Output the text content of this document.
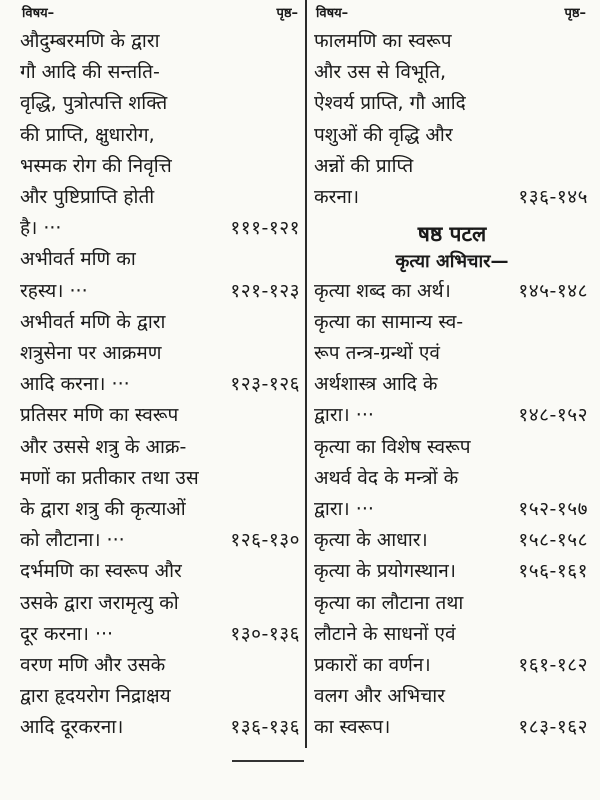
विषय–	पृष्ठ–
औदुम्बरमणि के द्वारा
गौ आदि की सन्तति-
वृद्धि, पुत्रोत्पत्ति शक्ति
की प्राप्ति, क्षुधारोग,
भस्मक रोग की निवृत्ति
और पुष्टिप्राप्ति होती
है। ···	१११-१२१
अभीवर्त मणि का
रहस्य। ···	१२१-१२३
अभीवर्त मणि के द्वारा
शत्रुसेना पर आक्रमण
आदि करना। ···	१२३-१२६
प्रतिसर मणि का स्वरूप
और उससे शत्रु के आक्र-
मणों का प्रतीकार तथा उस
के द्वारा शत्रु की कृत्याओं
को लौटाना। ···	१२६-१३०
दर्भमणि का स्वरूप और
उसके द्वारा जरामृत्यु को
दूर करना। ···	१३०-१३६
वरण मणि और उसके
द्वारा हृदयरोग निद्राक्षय
आदि दूरकरना।	१३६-१३६
विषय–	पृष्ठ–
फालमणि का स्वरूप
और उस से विभूति,
ऐश्वर्य प्राप्ति, गौ आदि
पशुओं की वृद्धि और
अन्नों की प्राप्ति
करना।	१३६-१४५
षष्ठ पटल
कृत्या अभिचार—
कृत्या शब्द का अर्थ।	१४५-१४८
कृत्या का सामान्य स्व-
रूप तन्त्र-ग्रन्थों एवं
अर्थशास्त्र आदि के
द्वारा। ···	१४८-१५२
कृत्या का विशेष स्वरूप
अथर्व वेद के मन्त्रों के
द्वारा। ···	१५२-१५७
कृत्या के आधार।	१५८-१५८
कृत्या के प्रयोगस्थान।	१५६-१६१
कृत्या का लौटाना तथा
लौटाने के साधनों एवं
प्रकारों का वर्णन।	१६१-१८२
वलग और अभिचार
का स्वरूप।	१८३-१६२
